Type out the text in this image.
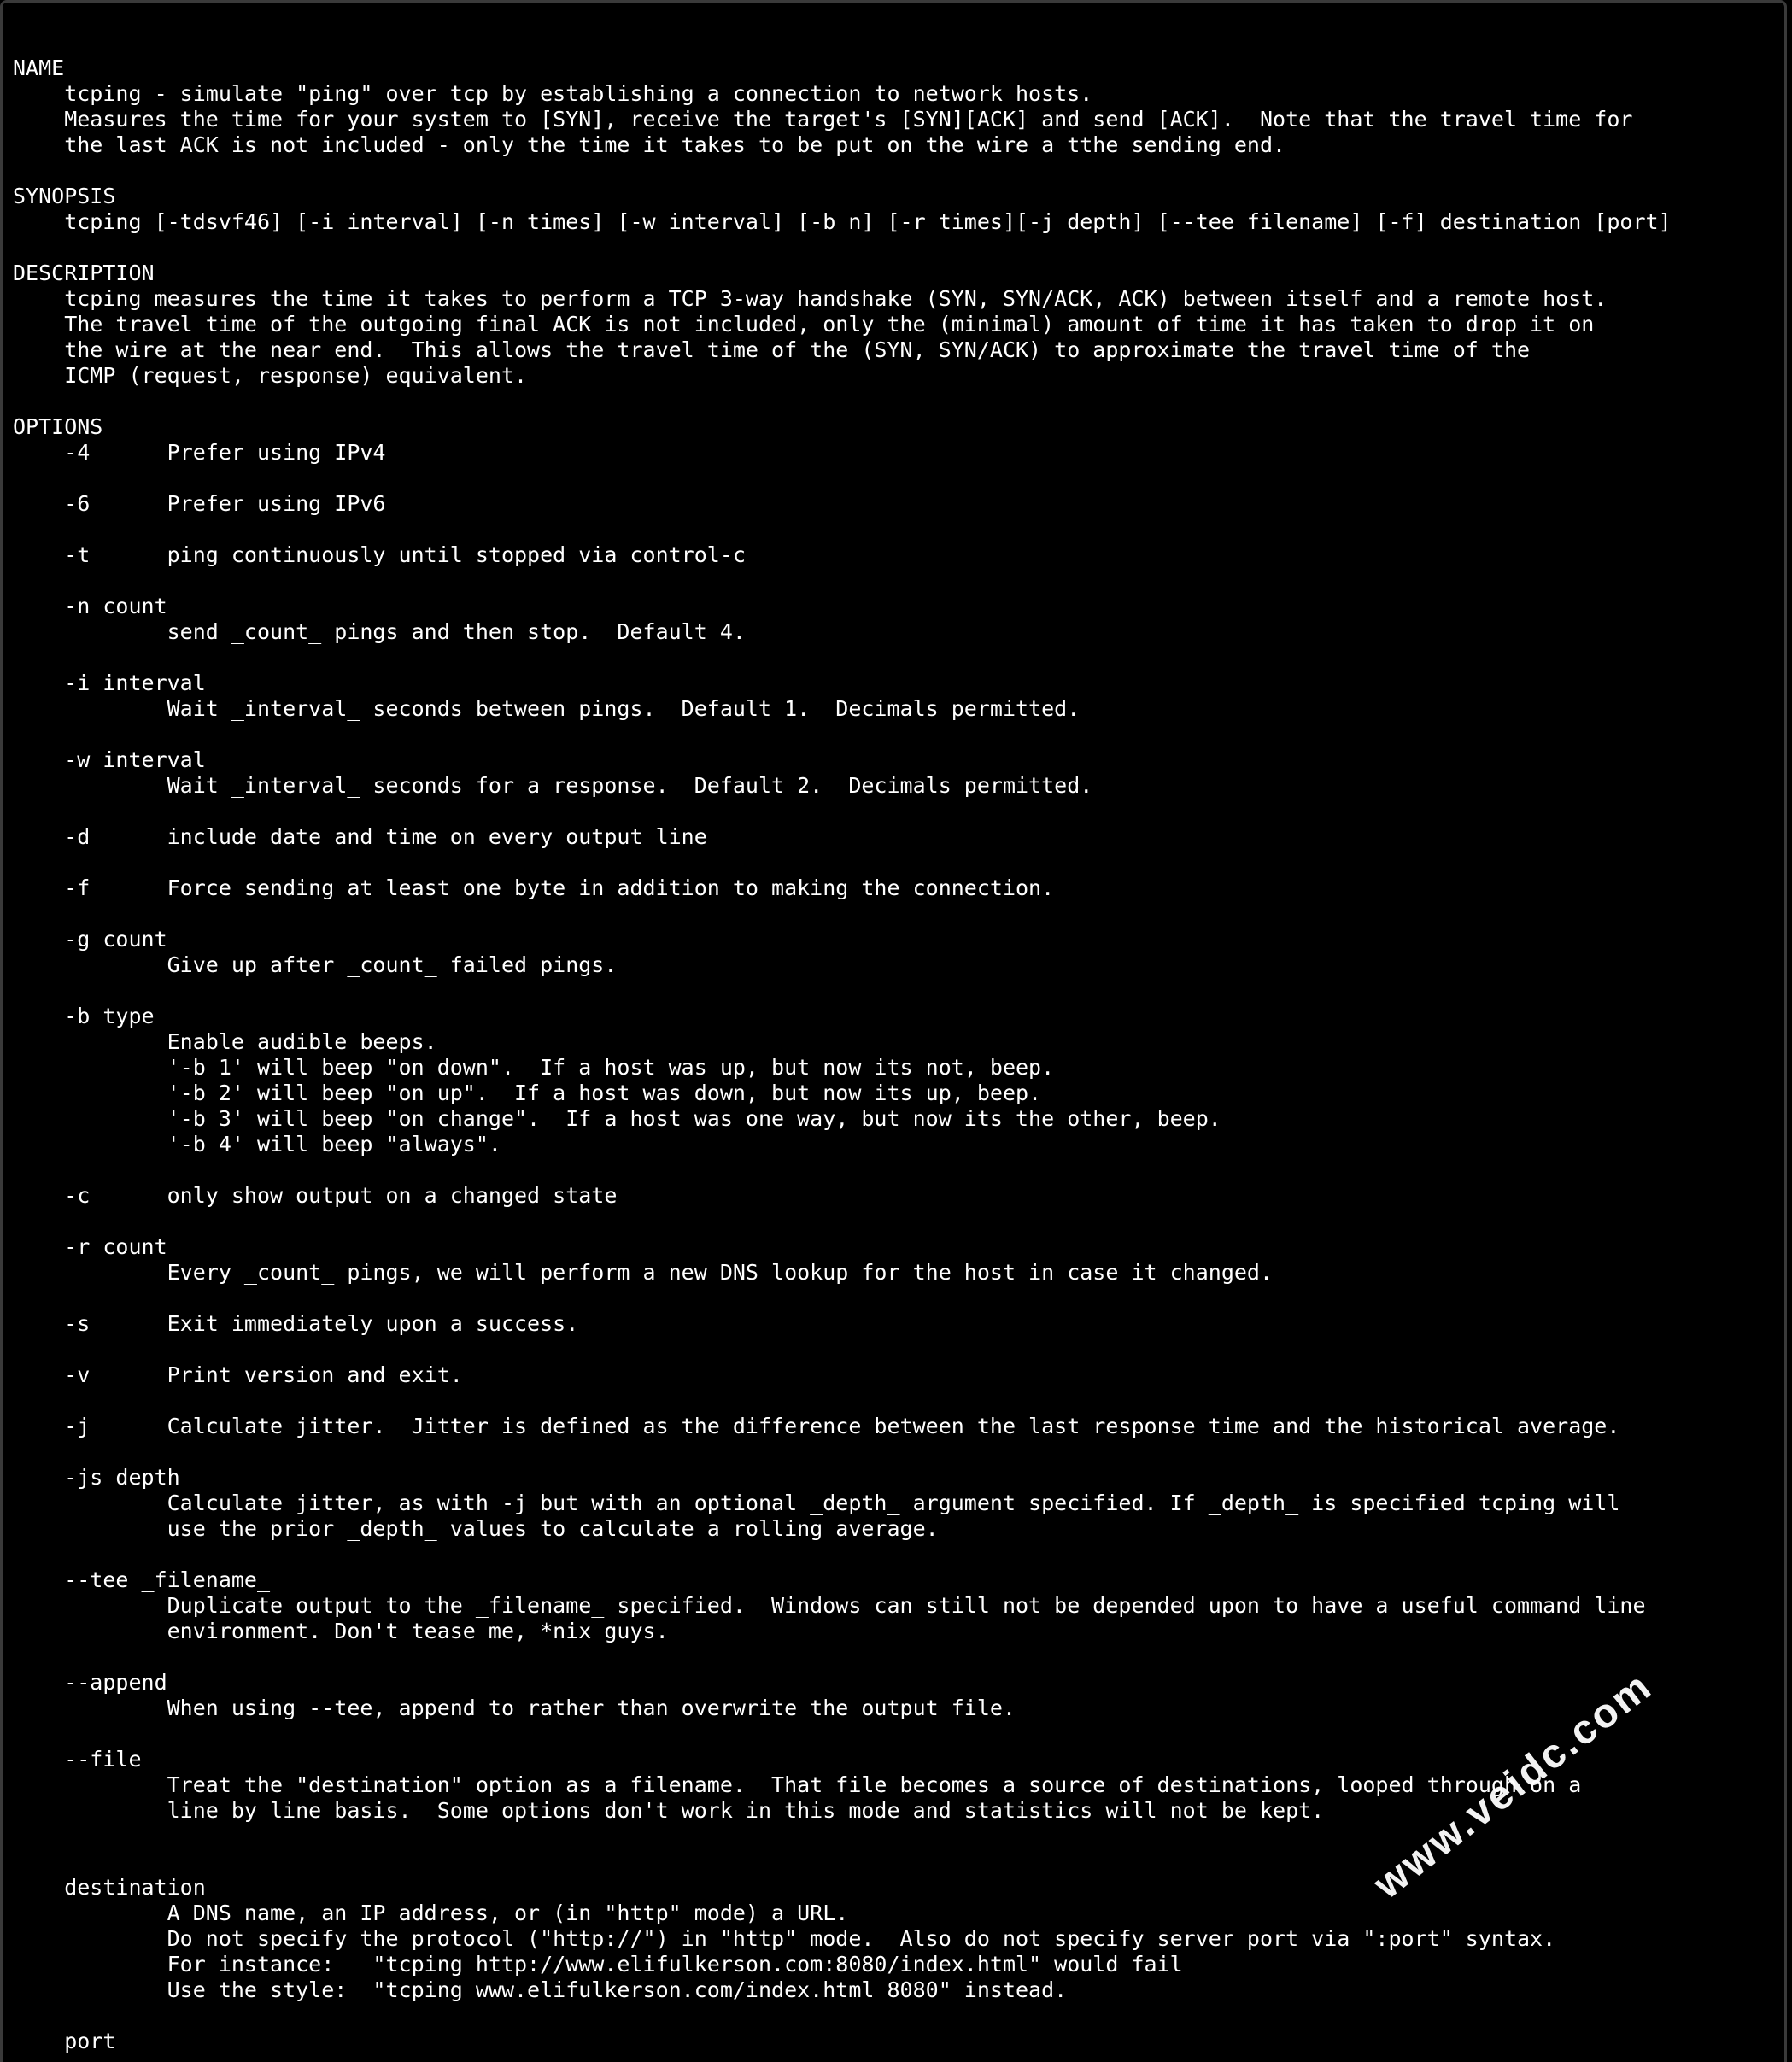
NAME
tcping - simulate "ping" over tcp by establishing a connection to network hosts.
Measures the time for your system to [SYN], receive the target's [SYN][ACK] and send [ACK].  Note that the travel time for
the last ACK is not included - only the time it takes to be put on the wire a tthe sending end.
SYNOPSIS
tcping [-tdsvf46] [-i interval] [-n times] [-w interval] [-b n] [-r times][-j depth] [--tee filename] [-f] destination [port]
DESCRIPTION
tcping measures the time it takes to perform a TCP 3-way handshake (SYN, SYN/ACK, ACK) between itself and a remote host.
The travel time of the outgoing final ACK is not included, only the (minimal) amount of time it has taken to drop it on
the wire at the near end.  This allows the travel time of the (SYN, SYN/ACK) to approximate the travel time of the
ICMP (request, response) equivalent.
OPTIONS
-4      Prefer using IPv4
-6      Prefer using IPv6
-t      ping continuously until stopped via control-c
-n count
send _count_ pings and then stop.  Default 4.
-i interval
Wait _interval_ seconds between pings.  Default 1.  Decimals permitted.
-w interval
Wait _interval_ seconds for a response.  Default 2.  Decimals permitted.
-d      include date and time on every output line
-f      Force sending at least one byte in addition to making the connection.
-g count
Give up after _count_ failed pings.
-b type
Enable audible beeps.
'-b 1' will beep "on down".  If a host was up, but now its not, beep.
'-b 2' will beep "on up".  If a host was down, but now its up, beep.
'-b 3' will beep "on change".  If a host was one way, but now its the other, beep.
'-b 4' will beep "always".
-c      only show output on a changed state
-r count
Every _count_ pings, we will perform a new DNS lookup for the host in case it changed.
-s      Exit immediately upon a success.
-v      Print version and exit.
-j      Calculate jitter.  Jitter is defined as the difference between the last response time and the historical average.
-js depth
Calculate jitter, as with -j but with an optional _depth_ argument specified. If _depth_ is specified tcping will
use the prior _depth_ values to calculate a rolling average.
--tee _filename_
Duplicate output to the _filename_ specified.  Windows can still not be depended upon to have a useful command line
environment. Don't tease me, *nix guys.
--append
When using --tee, append to rather than overwrite the output file.
--file
Treat the "destination" option as a filename.  That file becomes a source of destinations, looped through on a
line by line basis.  Some options don't work in this mode and statistics will not be kept.
destination
A DNS name, an IP address, or (in "http" mode) a URL.
Do not specify the protocol ("http://") in "http" mode.  Also do not specify server port via ":port" syntax.
For instance:   "tcping http://www.elifulkerson.com:8080/index.html" would fail
Use the style:  "tcping www.elifulkerson.com/index.html 8080" instead.
port
www.veidc.com
